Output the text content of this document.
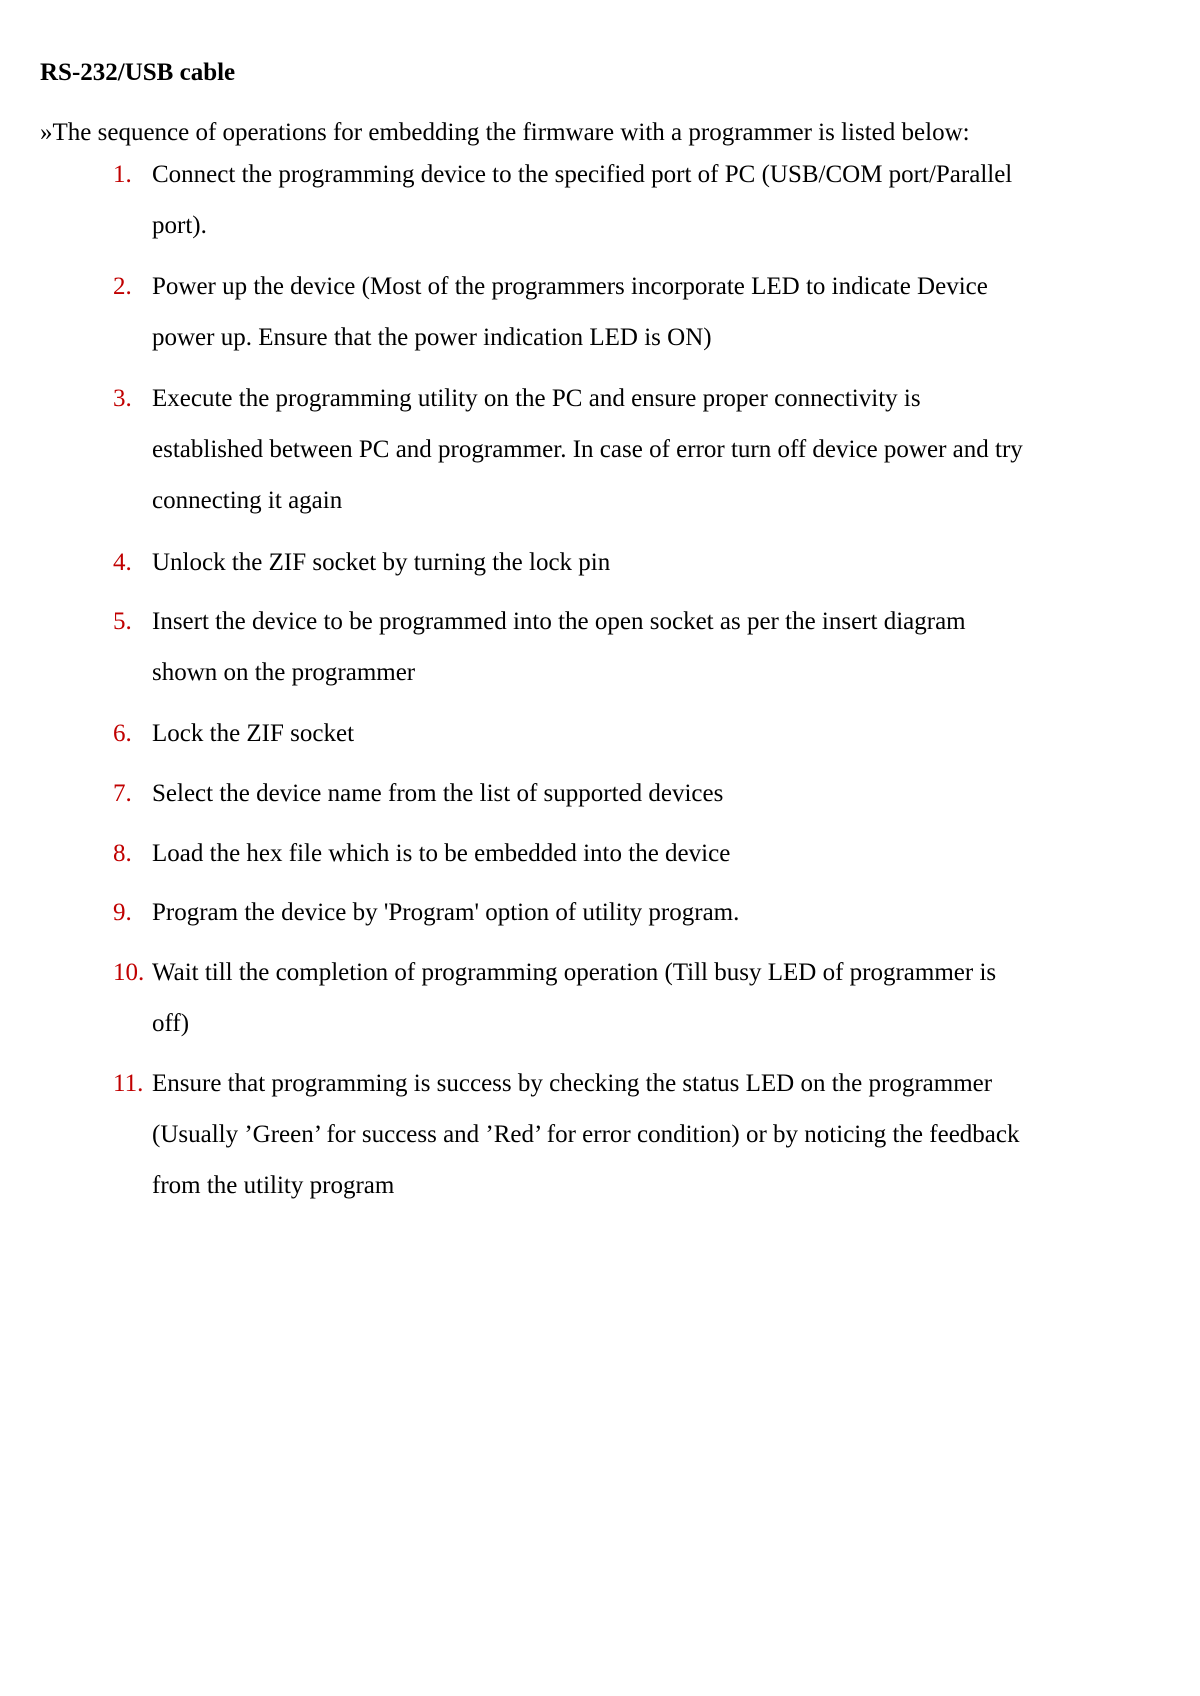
RS-232/USB cable
»The sequence of operations for embedding the firmware with a programmer is listed below:
1. Connect the programming device to the specified port of PC (USB/COM port/Parallel
port).
2. Power up the device (Most of the programmers incorporate LED to indicate Device
power up. Ensure that the power indication LED is ON)
3. Execute the programming utility on the PC and ensure proper connectivity is
established between PC and programmer. In case of error turn off device power and try
connecting it again
4. Unlock the ZIF socket by turning the lock pin
5. Insert the device to be programmed into the open socket as per the insert diagram
shown on the programmer
6. Lock the ZIF socket
7. Select the device name from the list of supported devices
8. Load the hex file which is to be embedded into the device
9. Program the device by 'Program' option of utility program.
10. Wait till the completion of programming operation (Till busy LED of programmer is
off)
11. Ensure that programming is success by checking the status LED on the programmer
(Usually ’Green’ for success and ’Red’ for error condition) or by noticing the feedback
from the utility program
